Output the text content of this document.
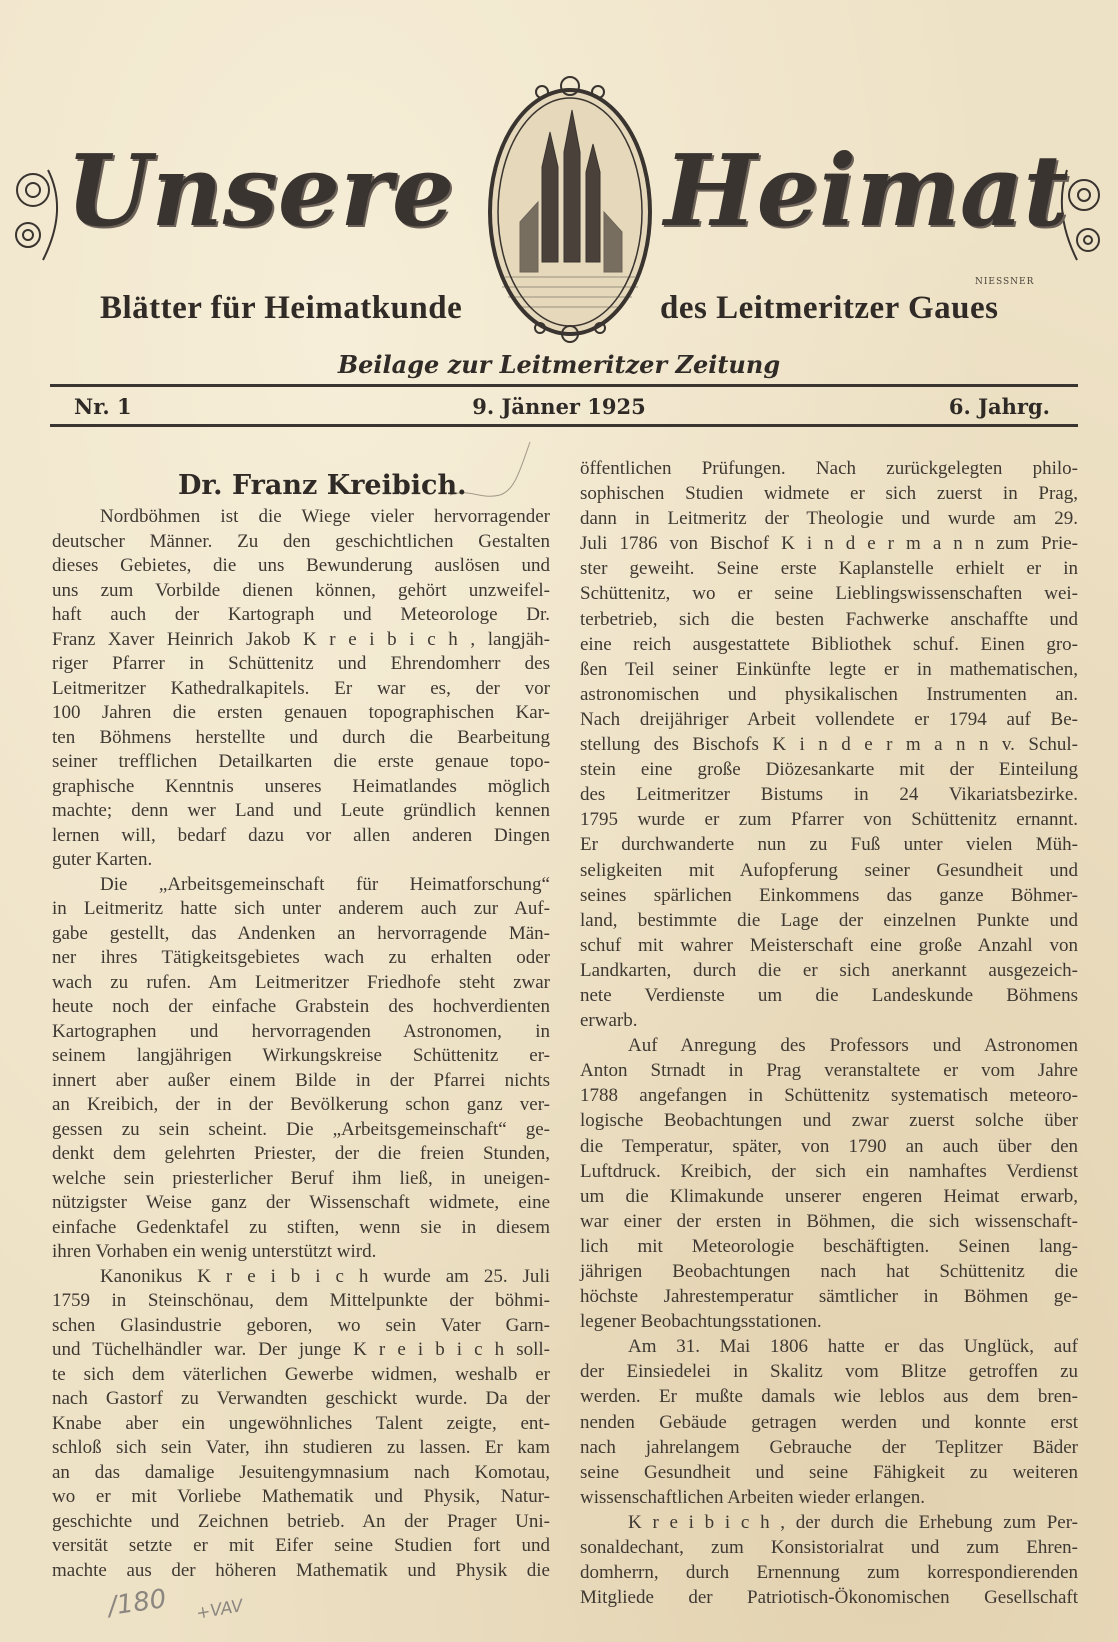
Unsere Heimat
NIESSNER
Blätter für Heimatkunde	des Leitmeritzer Gaues
Beilage zur Leitmeritzer Zeitung
Nr. 1	9. Jänner 1925	6. Jahrg.
Dr. Franz Kreibich.
Nordböhmen ist die Wiege vieler hervorragender
deutscher Männer. Zu den geschichtlichen Gestalten
dieses Gebietes, die uns Bewunderung auslösen und
uns zum Vorbilde dienen können, gehört unzweifel-
haft auch der Kartograph und Meteorologe Dr.
Franz Xaver Heinrich Jakob K r e i b i c h , langjäh-
riger Pfarrer in Schüttenitz und Ehrendomherr des
Leitmeritzer Kathedralkapitels. Er war es, der vor
100 Jahren die ersten genauen topographischen Kar-
ten Böhmens herstellte und durch die Bearbeitung
seiner trefflichen Detailkarten die erste genaue topo-
graphische Kenntnis unseres Heimatlandes möglich
machte; denn wer Land und Leute gründlich kennen
lernen will, bedarf dazu vor allen anderen Dingen
guter Karten.
Die „Arbeitsgemeinschaft für Heimatforschung“
in Leitmeritz hatte sich unter anderem auch zur Auf-
gabe gestellt, das Andenken an hervorragende Män-
ner ihres Tätigkeitsgebietes wach zu erhalten oder
wach zu rufen. Am Leitmeritzer Friedhofe steht zwar
heute noch der einfache Grabstein des hochverdienten
Kartographen und hervorragenden Astronomen, in
seinem langjährigen Wirkungskreise Schüttenitz er-
innert aber außer einem Bilde in der Pfarrei nichts
an Kreibich, der in der Bevölkerung schon ganz ver-
gessen zu sein scheint. Die „Arbeitsgemeinschaft“ ge-
denkt dem gelehrten Priester, der die freien Stunden,
welche sein priesterlicher Beruf ihm ließ, in uneigen-
nützigster Weise ganz der Wissenschaft widmete, eine
einfache Gedenktafel zu stiften, wenn sie in diesem
ihren Vorhaben ein wenig unterstützt wird.
Kanonikus K r e i b i c h wurde am 25. Juli
1759 in Steinschönau, dem Mittelpunkte der böhmi-
schen Glasindustrie geboren, wo sein Vater Garn-
und Tüchelhändler war. Der junge K r e i b i c h soll-
te sich dem väterlichen Gewerbe widmen, weshalb er
nach Gastorf zu Verwandten geschickt wurde. Da der
Knabe aber ein ungewöhnliches Talent zeigte, ent-
schloß sich sein Vater, ihn studieren zu lassen. Er kam
an das damalige Jesuitengymnasium nach Komotau,
wo er mit Vorliebe Mathematik und Physik, Natur-
geschichte und Zeichnen betrieb. An der Prager Uni-
versität setzte er mit Eifer seine Studien fort und
machte aus der höheren Mathematik und Physik die
öffentlichen Prüfungen. Nach zurückgelegten philo-
sophischen Studien widmete er sich zuerst in Prag,
dann in Leitmeritz der Theologie und wurde am 29.
Juli 1786 von Bischof K i n d e r m a n n zum Prie-
ster geweiht. Seine erste Kaplanstelle erhielt er in
Schüttenitz, wo er seine Lieblingswissenschaften wei-
terbetrieb, sich die besten Fachwerke anschaffte und
eine reich ausgestattete Bibliothek schuf. Einen gro-
ßen Teil seiner Einkünfte legte er in mathematischen,
astronomischen und physikalischen Instrumenten an.
Nach dreijähriger Arbeit vollendete er 1794 auf Be-
stellung des Bischofs K i n d e r m a n n v. Schul-
stein eine große Diözesankarte mit der Einteilung
des Leitmeritzer Bistums in 24 Vikariatsbezirke.
1795 wurde er zum Pfarrer von Schüttenitz ernannt.
Er durchwanderte nun zu Fuß unter vielen Müh-
seligkeiten mit Aufopferung seiner Gesundheit und
seines spärlichen Einkommens das ganze Böhmer-
land, bestimmte die Lage der einzelnen Punkte und
schuf mit wahrer Meisterschaft eine große Anzahl von
Landkarten, durch die er sich anerkannt ausgezeich-
nete Verdienste um die Landeskunde Böhmens
erwarb.
Auf Anregung des Professors und Astronomen
Anton Strnadt in Prag veranstaltete er vom Jahre
1788 angefangen in Schüttenitz systematisch meteoro-
logische Beobachtungen und zwar zuerst solche über
die Temperatur, später, von 1790 an auch über den
Luftdruck. Kreibich, der sich ein namhaftes Verdienst
um die Klimakunde unserer engeren Heimat erwarb,
war einer der ersten in Böhmen, die sich wissenschaft-
lich mit Meteorologie beschäftigten. Seinen lang-
jährigen Beobachtungen nach hat Schüttenitz die
höchste Jahrestemperatur sämtlicher in Böhmen ge-
legener Beobachtungsstationen.
Am 31. Mai 1806 hatte er das Unglück, auf
der Einsiedelei in Skalitz vom Blitze getroffen zu
werden. Er mußte damals wie leblos aus dem bren-
nenden Gebäude getragen werden und konnte erst
nach jahrelangem Gebrauche der Teplitzer Bäder
seine Gesundheit und seine Fähigkeit zu weiteren
wissenschaftlichen Arbeiten wieder erlangen.
K r e i b i c h , der durch die Erhebung zum Per-
sonaldechant, zum Konsistorialrat und zum Ehren-
domherrn, durch Ernennung zum korrespondierenden
Mitgliede der Patriotisch-Ökonomischen Gesellschaft
/180 +VAV
